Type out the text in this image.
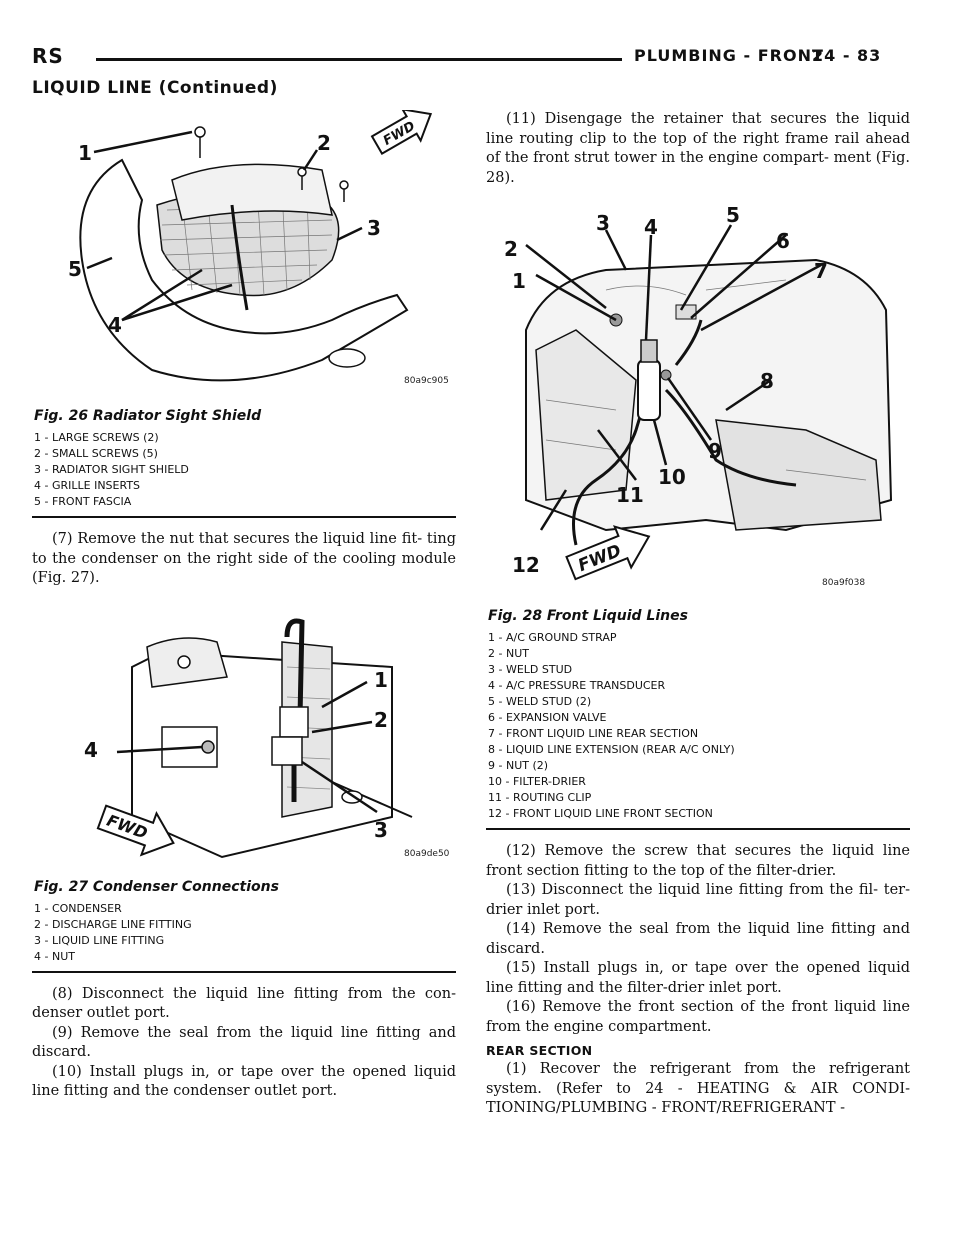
RS	PLUMBING - FRONT
24 - 83
LIQUID LINE (Continued)
1	2
3
4
5
FWD
80a9c905
Fig. 26 Radiator Sight Shield
1 - LARGE SCREWS (2)
2 - SMALL SCREWS (5)
3 - RADIATOR SIGHT SHIELD
4 - GRILLE INSERTS
5 - FRONT FASCIA

(7) Remove the nut that secures the liquid line fit- ting to the condenser on the right side of the cooling module (Fig. 27).

1
2
3
4
FWD
80a9de50
Fig. 27 Condenser Connections
1 - CONDENSER
2 - DISCHARGE LINE FITTING
3 - LIQUID LINE FITTING
4 - NUT

(8) Disconnect the liquid line fitting from the con- denser outlet port.

(9) Remove the seal from the liquid line fitting and discard.

(10) Install plugs in, or tape over the opened liquid line fitting and the condenser outlet port.

(11) Disengage the retainer that secures the liquid line routing clip to the top of the right frame rail ahead of the front strut tower in the engine compart- ment (Fig. 28).

1
2
3 4	5
6
7
8
9
10
11
12 FWD
80a9f038
Fig. 28 Front Liquid Lines
1 - A/C GROUND STRAP
2 - NUT
3 - WELD STUD
4 - A/C PRESSURE TRANSDUCER
5 - WELD STUD (2)
6 - EXPANSION VALVE
7 - FRONT LIQUID LINE REAR SECTION
8 - LIQUID LINE EXTENSION (REAR A/C ONLY)
9 - NUT (2)
10 - FILTER-DRIER
11 - ROUTING CLIP
12 - FRONT LIQUID LINE FRONT SECTION

(12) Remove the screw that secures the liquid line front section fitting to the top of the filter-drier.

(13) Disconnect the liquid line fitting from the fil- ter-drier inlet port.

(14) Remove the seal from the liquid line fitting and discard.

(15) Install plugs in, or tape over the opened liquid line fitting and the filter-drier inlet port.

(16) Remove the front section of the front liquid line from the engine compartment.

REAR SECTION

(1) Recover the refrigerant from the refrigerant system. (Refer to 24 - HEATING & AIR CONDI- TIONING/PLUMBING - FRONT/REFRIGERANT -
